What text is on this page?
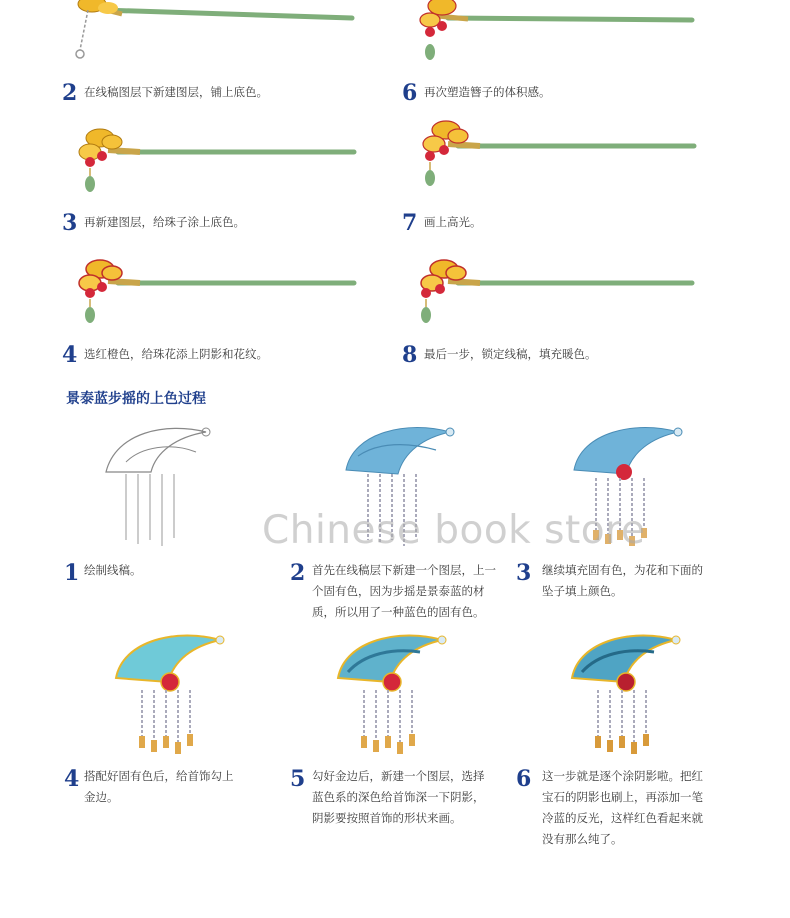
2 在线稿图层下新建图层，铺上底色。
3 再新建图层，给珠子涂上底色。
4 选红橙色，给珠花添上阴影和花纹。
6 再次塑造簪子的体积感。
7 画上高光。
8 最后一步，锁定线稿，填充暖色。
景泰蓝步摇的上色过程
Chinese book store
1 绘制线稿。	2 首先在线稿层下新建一个图层，上一
个固有色，因为步摇是景泰蓝的材
质，所以用了一种蓝色的固有色。
3 继续填充固有色，为花和下面的
坠子填上颜色。
4 搭配好固有色后，给首饰勾上
金边。
5 勾好金边后，新建一个图层，选择
蓝色系的深色给首饰深一下阴影，
阴影要按照首饰的形状来画。
6 这一步就是逐个涂阴影啦。把红
宝石的阴影也刷上，再添加一笔
冷蓝的反光，这样红色看起来就
没有那么纯了。
